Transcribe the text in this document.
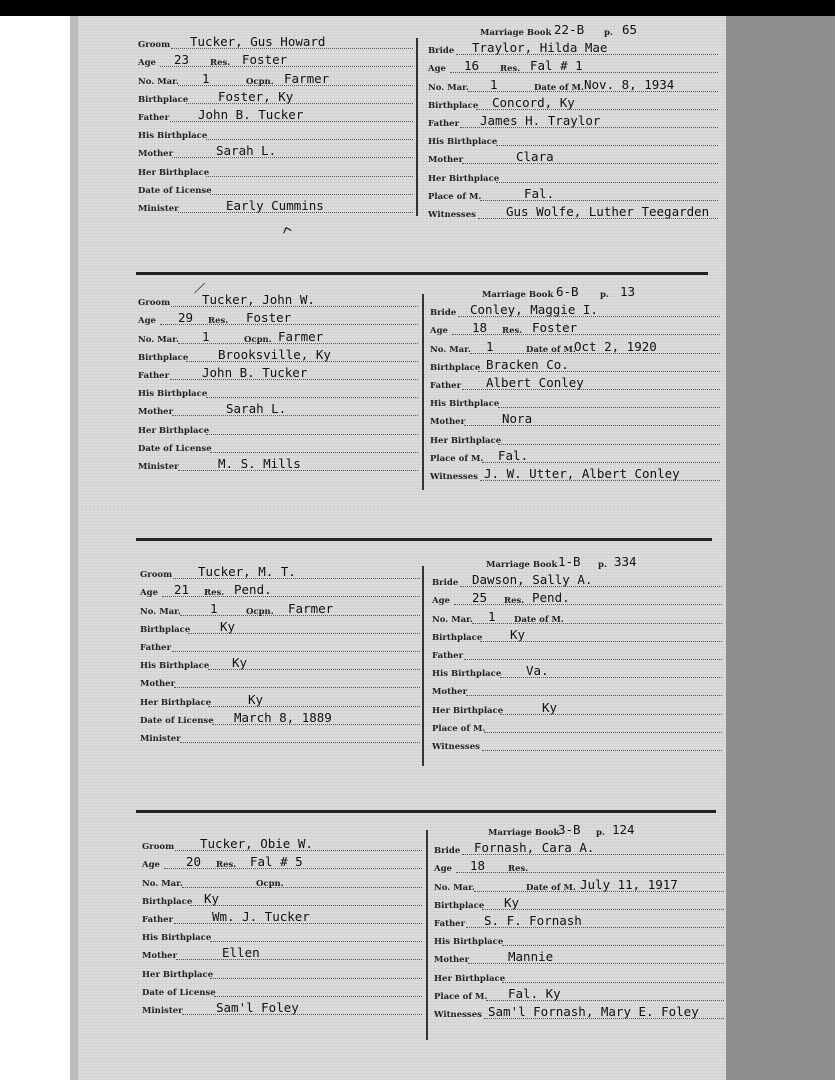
^
⁄
Groom Tucker, Gus Howard
Age 23 Res. Foster
No. Mar. 1	Ocpn. Farmer
Birthplace Foster, Ky
Father John B. Tucker
His Birthplace
Mother	Sarah L.
Her Birthplace
Date of License
Minister	Early Cummins
Marriage Book 22-B p. 65
Bride Traylor, Hilda Mae
Age 16 Res. Fal # 1
No. Mar. 1	Date of M. Nov. 8, 1934
Birthplace Concord, Ky
Father James H. Traylor
His Birthplace
Mother	Clara
Her Birthplace
Place of M.	Fal.
Witnesses Gus Wolfe, Luther Teegarden
Groom	Tucker, John W.
Age 29 Res. Foster
No. Mar. 1	Ocpn. Farmer
Birthplace Brooksville, Ky
Father	John B. Tucker
His Birthplace
Mother	Sarah L.
Her Birthplace
Date of License
Minister	M. S. Mills
Marriage Book 6-B	p. 13
Bride Conley, Maggie I.
Age 18 Res. Foster
No. Mar. 1	Date of M.
Oct 2, 1920
Birthplace Bracken Co.
Father Albert Conley
His Birthplace
Mother	Nora
Her Birthplace
Place of M. Fal.
Witnesses J. W. Utter, Albert Conley
Groom Tucker, M. T.
Age 21 Res. Pend.
No. Mar. 1	Ocpn. Farmer
Birthplace Ky
Father
His Birthplace Ky
Mother
Her Birthplace	Ky
Date of License March 8, 1889
Minister
Marriage Book 1-B p. 334
Bride Dawson, Sally A.
Age 25 Res. Pend.
No. Mar. 1 Date of M.
Birthplace Ky
Father
His Birthplace Va.
Mother
Her Birthplace	Ky
Place of M.
Witnesses
Groom Tucker, Obie W.
Age 20 Res. Fal # 5
No. Mar.	Ocpn.
Birthplace Ky
Father	Wm. J. Tucker
His Birthplace
Mother	Ellen
Her Birthplace
Date of License
Minister	Sam'l Foley
Marriage Book
3-B p. 124
Bride Fornash, Cara A.
Age 18	Res.
No. Mar.	Date of M. July 11, 1917
Birthplace Ky
Father S. F. Fornash
His Birthplace
Mother	Mannie
Her Birthplace
Place of M. Fal. Ky
Witnesses Sam'l Fornash, Mary E. Foley
